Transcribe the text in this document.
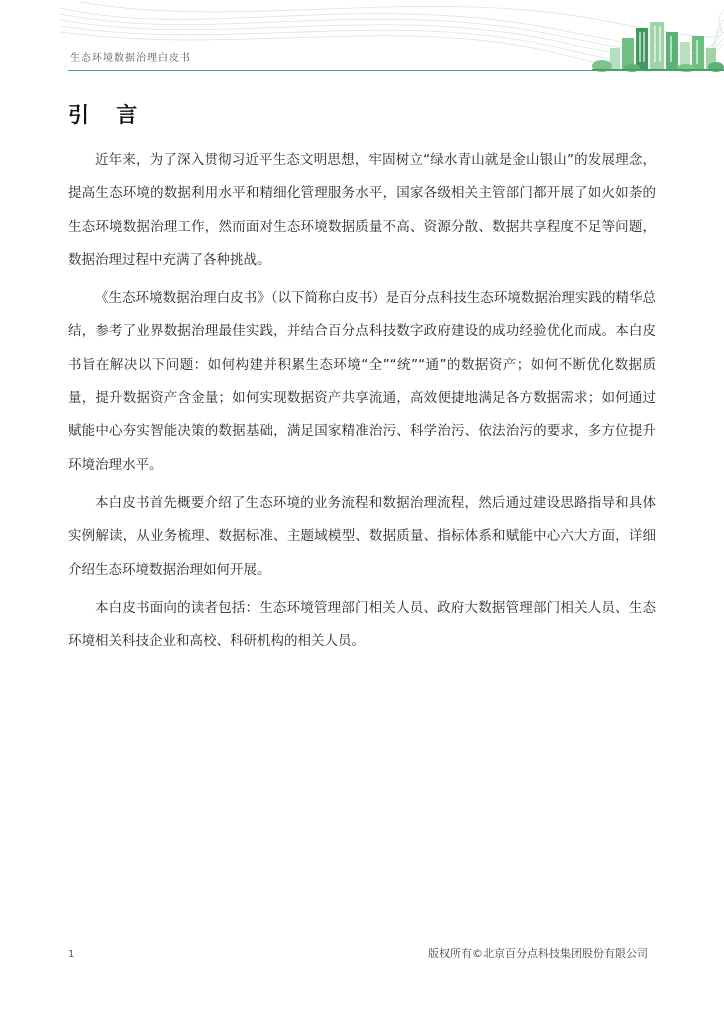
生态环境数据治理白皮书
引 言

近年来，为了深入贯彻习近平生态文明思想，牢固树立“绿水青山就是金山银山”的发展理念，提高生态环境的数据利用水平和精细化管理服务水平，国家各级相关主管部门都开展了如火如荼的生态环境数据治理工作，然而面对生态环境数据质量不高、资源分散、数据共享程度不足等问题，数据治理过程中充满了各种挑战。

《生态环境数据治理白皮书》（以下简称白皮书）是百分点科技生态环境数据治理实践的精华总结，参考了业界数据治理最佳实践，并结合百分点科技数字政府建设的成功经验优化而成。本白皮书旨在解决以下问题：如何构建并积累生态环境“全”“统”“通”的数据资产；如何不断优化数据质量，提升数据资产含金量；如何实现数据资产共享流通，高效便捷地满足各方数据需求；如何通过赋能中心夯实智能决策的数据基础，满足国家精准治污、科学治污、依法治污的要求，多方位提升环境治理水平。

本白皮书首先概要介绍了生态环境的业务流程和数据治理流程，然后通过建设思路指导和具体实例解读，从业务梳理、数据标准、主题域模型、数据质量、指标体系和赋能中心六大方面，详细介绍生态环境数据治理如何开展。

本白皮书面向的读者包括：生态环境管理部门相关人员、政府大数据管理部门相关人员、生态环境相关科技企业和高校、科研机构的相关人员。

1	版权所有©北京百分点科技集团股份有限公司
